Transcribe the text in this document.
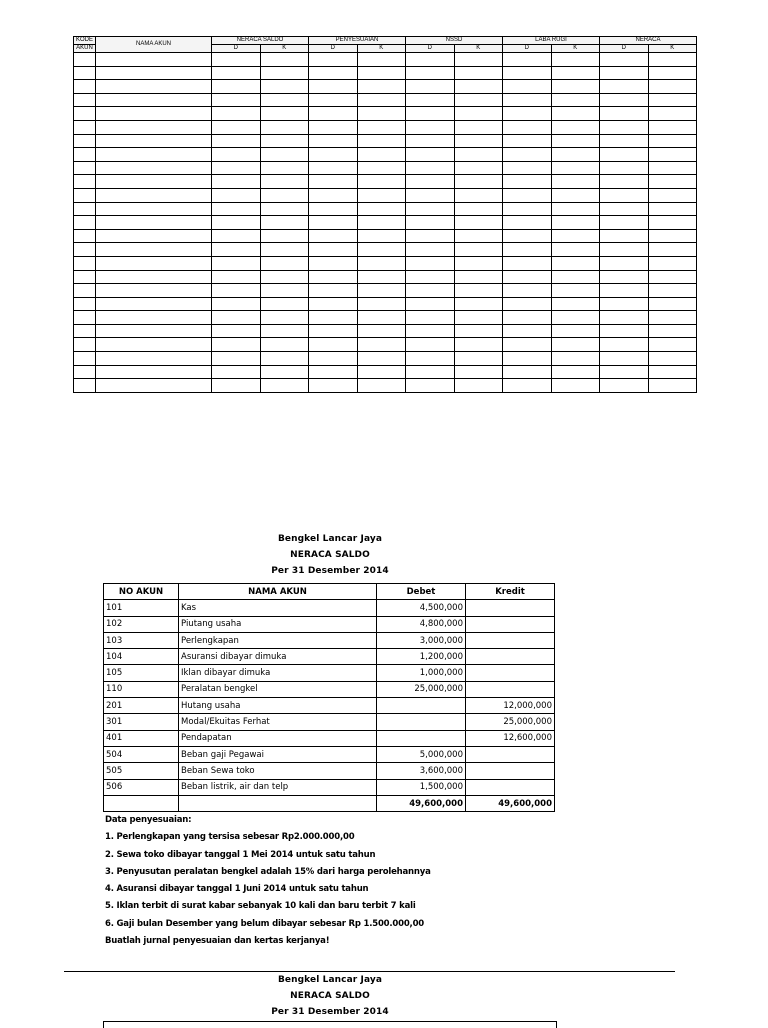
KODE	NAMA AKUN	NERACA SALDO		PENYESUAIAN		NSSD		LABA RUGI		NERACA	
AKUN		D	K	D	K	D	K	D	K	D	K

Bengkel Lancar Jaya
NERACA SALDO
Per 31 Desember 2014
NO AKUN	NAMA AKUN	Debet	Kredit
101	Kas	4,500,000	
102	Piutang usaha	4,800,000	
103	Perlengkapan	3,000,000	
104	Asuransi dibayar dimuka	1,200,000	
105	Iklan dibayar dimuka	1,000,000	
110	Peralatan bengkel	25,000,000	
201	Hutang usaha		12,000,000
301	Modal/Ekuitas Ferhat		25,000,000
401	Pendapatan		12,600,000
504	Beban gaji Pegawai	5,000,000	
505	Beban Sewa toko	3,600,000	
506	Beban listrik, air dan telp	1,500,000	
		49,600,000	49,600,000
Data penyesuaian:
1. Perlengkapan yang tersisa sebesar Rp2.000.000,00
2. Sewa toko dibayar tanggal 1 Mei 2014 untuk satu tahun
3. Penyusutan peralatan bengkel adalah 15% dari harga perolehannya
4. Asuransi dibayar tanggal 1 Juni 2014 untuk satu tahun
5. Iklan terbit di surat kabar sebanyak 10 kali dan baru terbit 7 kali
6. Gaji bulan Desember yang belum dibayar sebesar Rp 1.500.000,00
Buatlah jurnal penyesuaian dan kertas kerjanya!
Bengkel Lancar Jaya
NERACA SALDO
Per 31 Desember 2014
